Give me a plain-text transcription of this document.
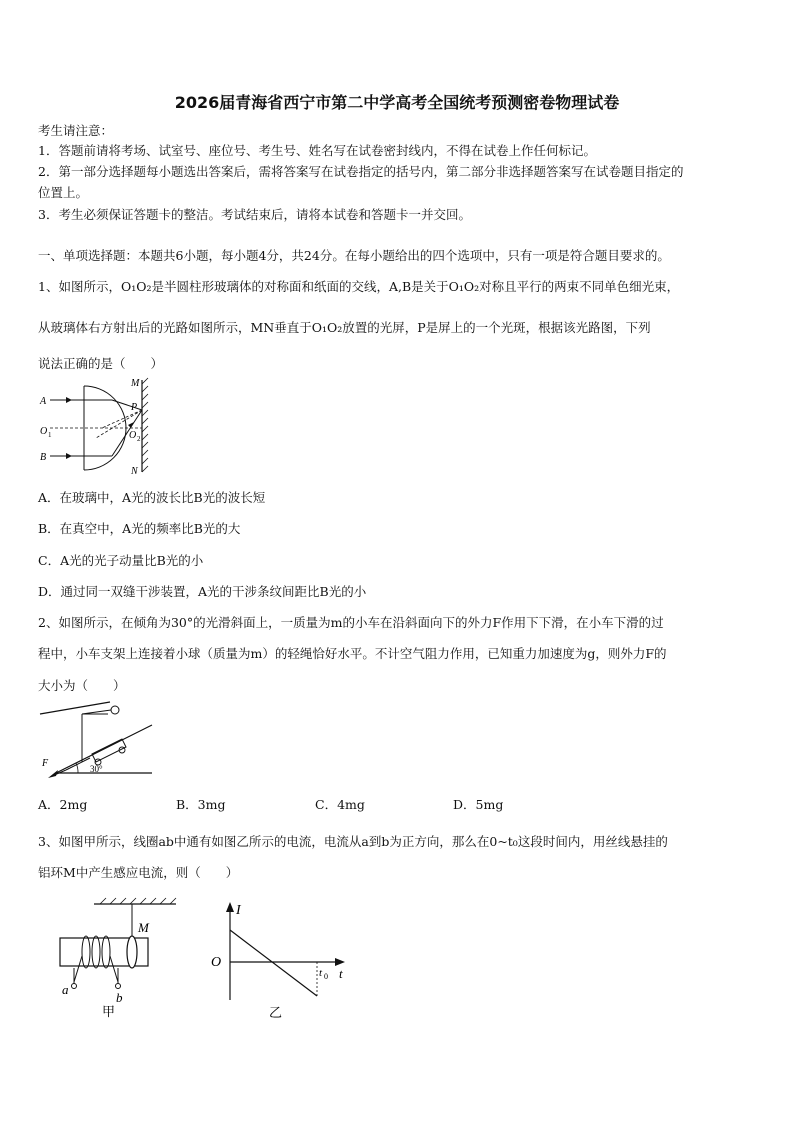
2026届青海省西宁市第二中学高考全国统考预测密卷物理试卷
考生请注意：
1．答题前请将考场、试室号、座位号、考生号、姓名写在试卷密封线内，不得在试卷上作任何标记。
2．第一部分选择题每小题选出答案后，需将答案写在试卷指定的括号内，第二部分非选择题答案写在试卷题目指定的
位置上。
3．考生必须保证答题卡的整洁。考试结束后，请将本试卷和答题卡一并交回。
一、单项选择题：本题共6小题，每小题4分，共24分。在每小题给出的四个选项中，只有一项是符合题目要求的。
1、如图所示，O₁O₂是半圆柱形玻璃体的对称面和纸面的交线，A,B是关于O₁O₂对称且平行的两束不同单色细光束，
从玻璃体右方射出后的光路如图所示，MN垂直于O₁O₂放置的光屏，P是屏上的一个光斑，根据该光路图，下列
说法正确的是（　　）
A
B
O 1	O 2
P
M
N
A．在玻璃中，A光的波长比B光的波长短
B．在真空中，A光的频率比B光的大
C．A光的光子动量比B光的小
D．通过同一双缝干涉装置，A光的干涉条纹间距比B光的小
2、如图所示，在倾角为30°的光滑斜面上，一质量为m的小车在沿斜面向下的外力F作用下下滑，在小车下滑的过
程中，小车支架上连接着小球（质量为m）的轻绳恰好水平。不计空气阻力作用，已知重力加速度为g，则外力F的
大小为（　　）
F	30°
A．2mg	B．3mg	C．4mg	D．5mg
3、如图甲所示，线圈ab中通有如图乙所示的电流，电流从a到b为正方向，那么在0~t₀这段时间内，用丝线悬挂的
铝环M中产生感应电流，则（　　）
M
a
b
甲
I
O
t
t 0
乙
